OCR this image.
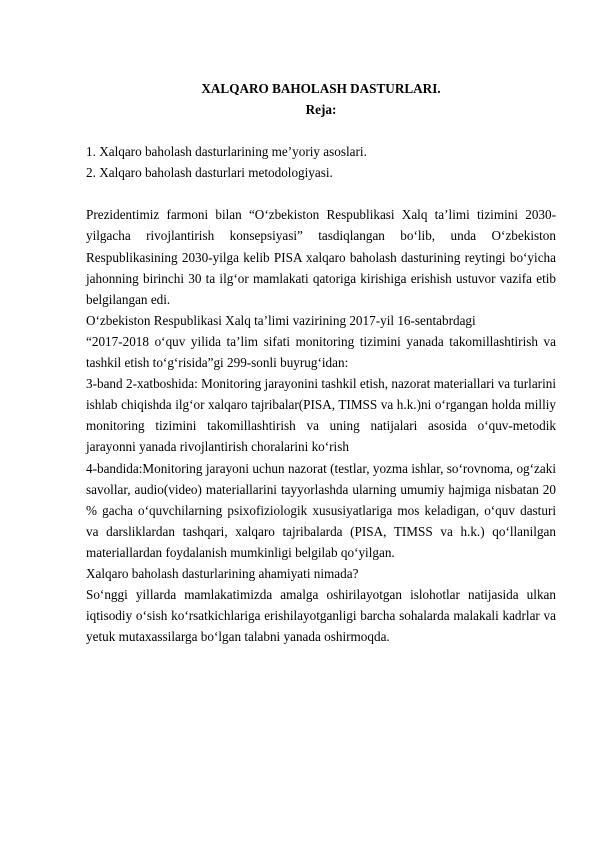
XALQARO BAHOLASH DASTURLARI.

Reja:

1. Xalqaro baholash dasturlarining me’yoriy asoslari.

2. Xalqaro baholash dasturlari metodologiyasi.

Prezidentimiz farmoni bilan “O‘zbekiston Respublikasi Xalq ta’limi tizimini 2030-yilgacha rivojlantirish konsepsiyasi” tasdiqlangan bo‘lib, unda O‘zbekiston Respublikasining 2030-yilga kelib PISA xalqaro baholash dasturining reytingi bo‘yicha jahonning birinchi 30 ta ilg‘or mamlakati qatoriga kirishiga erishish ustuvor vazifa etib belgilangan edi.

O‘zbekiston Respublikasi Xalq ta’limi vazirining 2017-yil 16-sentabrdagi

“2017-2018 o‘quv yilida ta’lim sifati monitoring tizimini yanada takomillashtirish va tashkil etish to‘g‘risida”gi 299-sonli buyrug‘idan:

3-band 2-xatboshida: Monitoring jarayonini tashkil etish, nazorat materiallari va turlarini ishlab chiqishda ilg‘or xalqaro tajribalar(PISA, TIMSS va h.k.)ni o‘rgangan holda milliy monitoring tizimini takomillashtirish va uning natijalari asosida o‘quv-metodik jarayonni yanada rivojlantirish choralarini ko‘rish

4-bandida:Monitoring jarayoni uchun nazorat (testlar, yozma ishlar, so‘rovnoma, og‘zaki savollar, audio(video) materiallarini tayyorlashda ularning umumiy hajmiga nisbatan 20 % gacha o‘quvchilarning psixofiziologik xususiyatlariga mos keladigan, o‘quv dasturi va darsliklardan tashqari, xalqaro tajribalarda (PISA, TIMSS va h.k.) qo‘llanilgan materiallardan foydalanish mumkinligi belgilab qo‘yilgan.

Xalqaro baholash dasturlarining ahamiyati nimada?

So‘nggi yillarda mamlakatimizda amalga oshirilayotgan islohotlar natijasida ulkan iqtisodiy o‘sish ko‘rsatkichlariga erishilayotganligi barcha sohalarda malakali kadrlar va yetuk mutaxassilarga bo‘lgan talabni yanada oshirmoqda.
